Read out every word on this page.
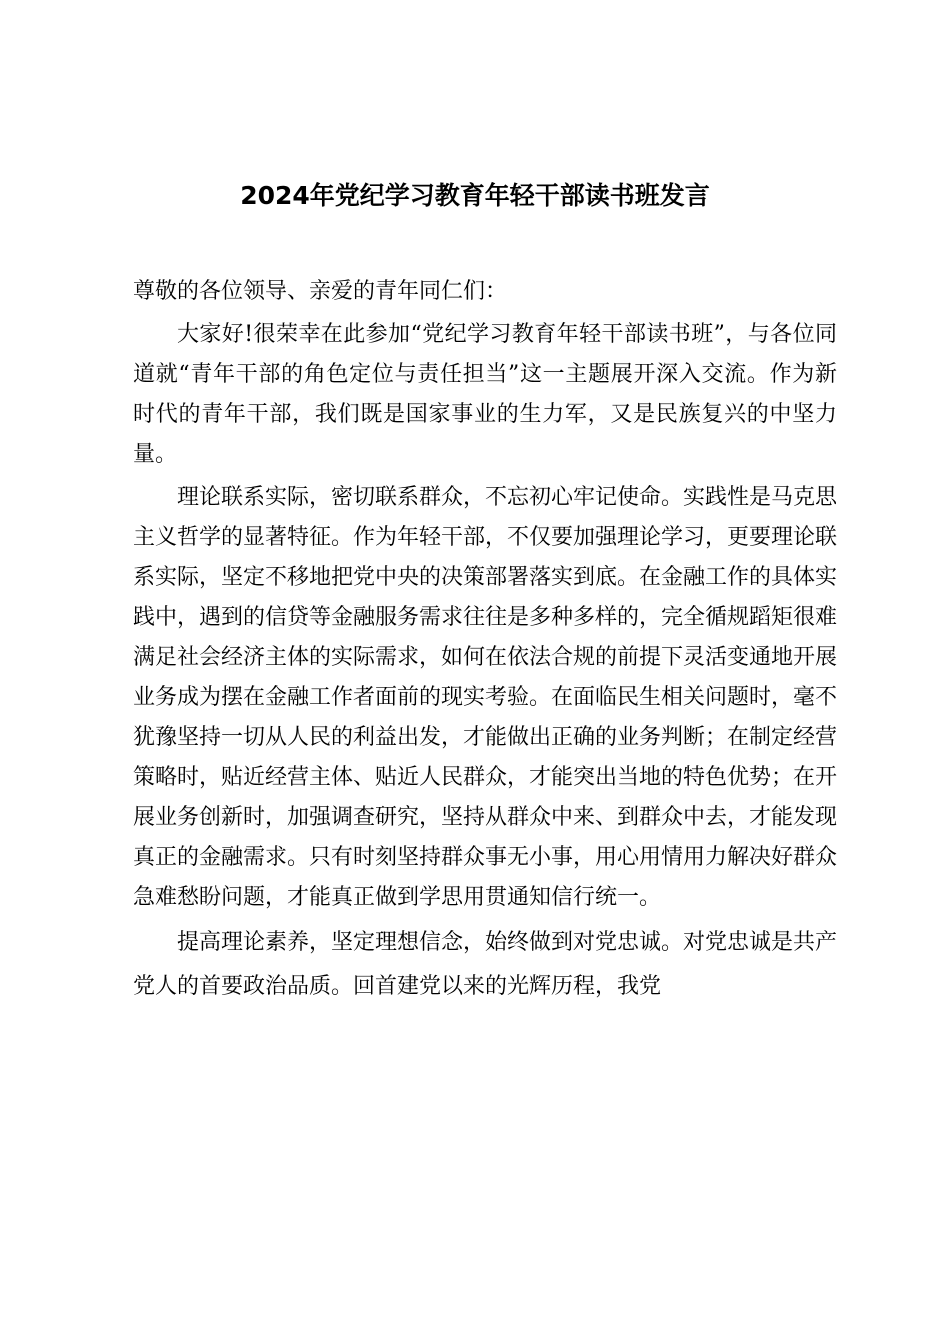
2024年党纪学习教育年轻干部读书班发言

尊敬的各位领导、亲爱的青年同仁们：

大家好!很荣幸在此参加“党纪学习教育年轻干部读书班”，与各位同道就“青年干部的角色定位与责任担当”这一主题展开深入交流。作为新时代的青年干部，我们既是国家事业的生力军，又是民族复兴的中坚力量。

理论联系实际，密切联系群众，不忘初心牢记使命。实践性是马克思主义哲学的显著特征。作为年轻干部，不仅要加强理论学习，更要理论联系实际，坚定不移地把党中央的决策部署落实到底。在金融工作的具体实践中，遇到的信贷等金融服务需求往往是多种多样的，完全循规蹈矩很难满足社会经济主体的实际需求，如何在依法合规的前提下灵活变通地开展业务成为摆在金融工作者面前的现实考验。在面临民生相关问题时，毫不犹豫坚持一切从人民的利益出发，才能做出正确的业务判断；在制定经营策略时，贴近经营主体、贴近人民群众，才能突出当地的特色优势；在开展业务创新时，加强调查研究，坚持从群众中来、到群众中去，才能发现真正的金融需求。只有时刻坚持群众事无小事，用心用情用力解决好群众急难愁盼问题，才能真正做到学思用贯通知信行统一。

提高理论素养，坚定理想信念，始终做到对党忠诚。对党忠诚是共产党人的首要政治品质。回首建党以来的光辉历程，我党
